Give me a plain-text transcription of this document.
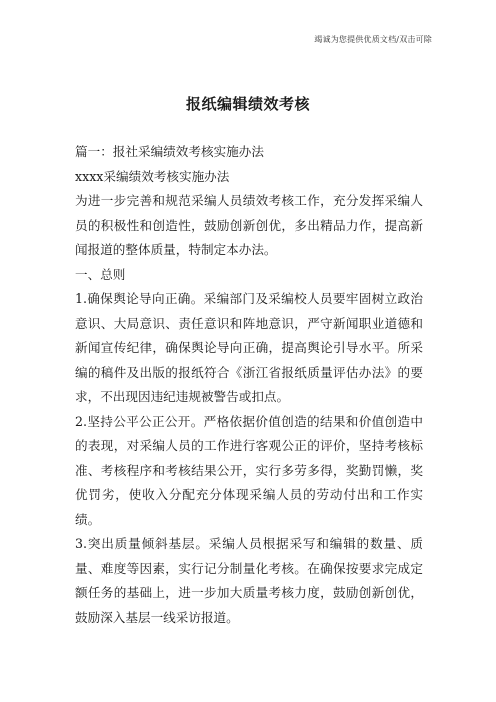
竭诚为您提供优质文档/双击可除
报纸编辑绩效考核

篇一：报社采编绩效考核实施办法

xxxx采编绩效考核实施办法

为进一步完善和规范采编人员绩效考核工作，充分发挥采编人员的积极性和创造性，鼓励创新创优，多出精品力作，提高新闻报道的整体质量，特制定本办法。

一、总则

1.确保舆论导向正确。采编部门及采编校人员要牢固树立政治意识、大局意识、责任意识和阵地意识，严守新闻职业道德和新闻宣传纪律，确保舆论导向正确，提高舆论引导水平。所采编的稿件及出版的报纸符合《浙江省报纸质量评估办法》的要求，不出现因违纪违规被警告或扣点。

2.坚持公平公正公开。严格依据价值创造的结果和价值创造中的表现，对采编人员的工作进行客观公正的评价，坚持考核标准、考核程序和考核结果公开，实行多劳多得，奖勤罚懒，奖优罚劣，使收入分配充分体现采编人员的劳动付出和工作实绩。

3.突出质量倾斜基层。采编人员根据采写和编辑的数量、质量、难度等因素，实行记分制量化考核。在确保按要求完成定额任务的基础上，进一步加大质量考核力度，鼓励创新创优，鼓励深入基层一线采访报道。
